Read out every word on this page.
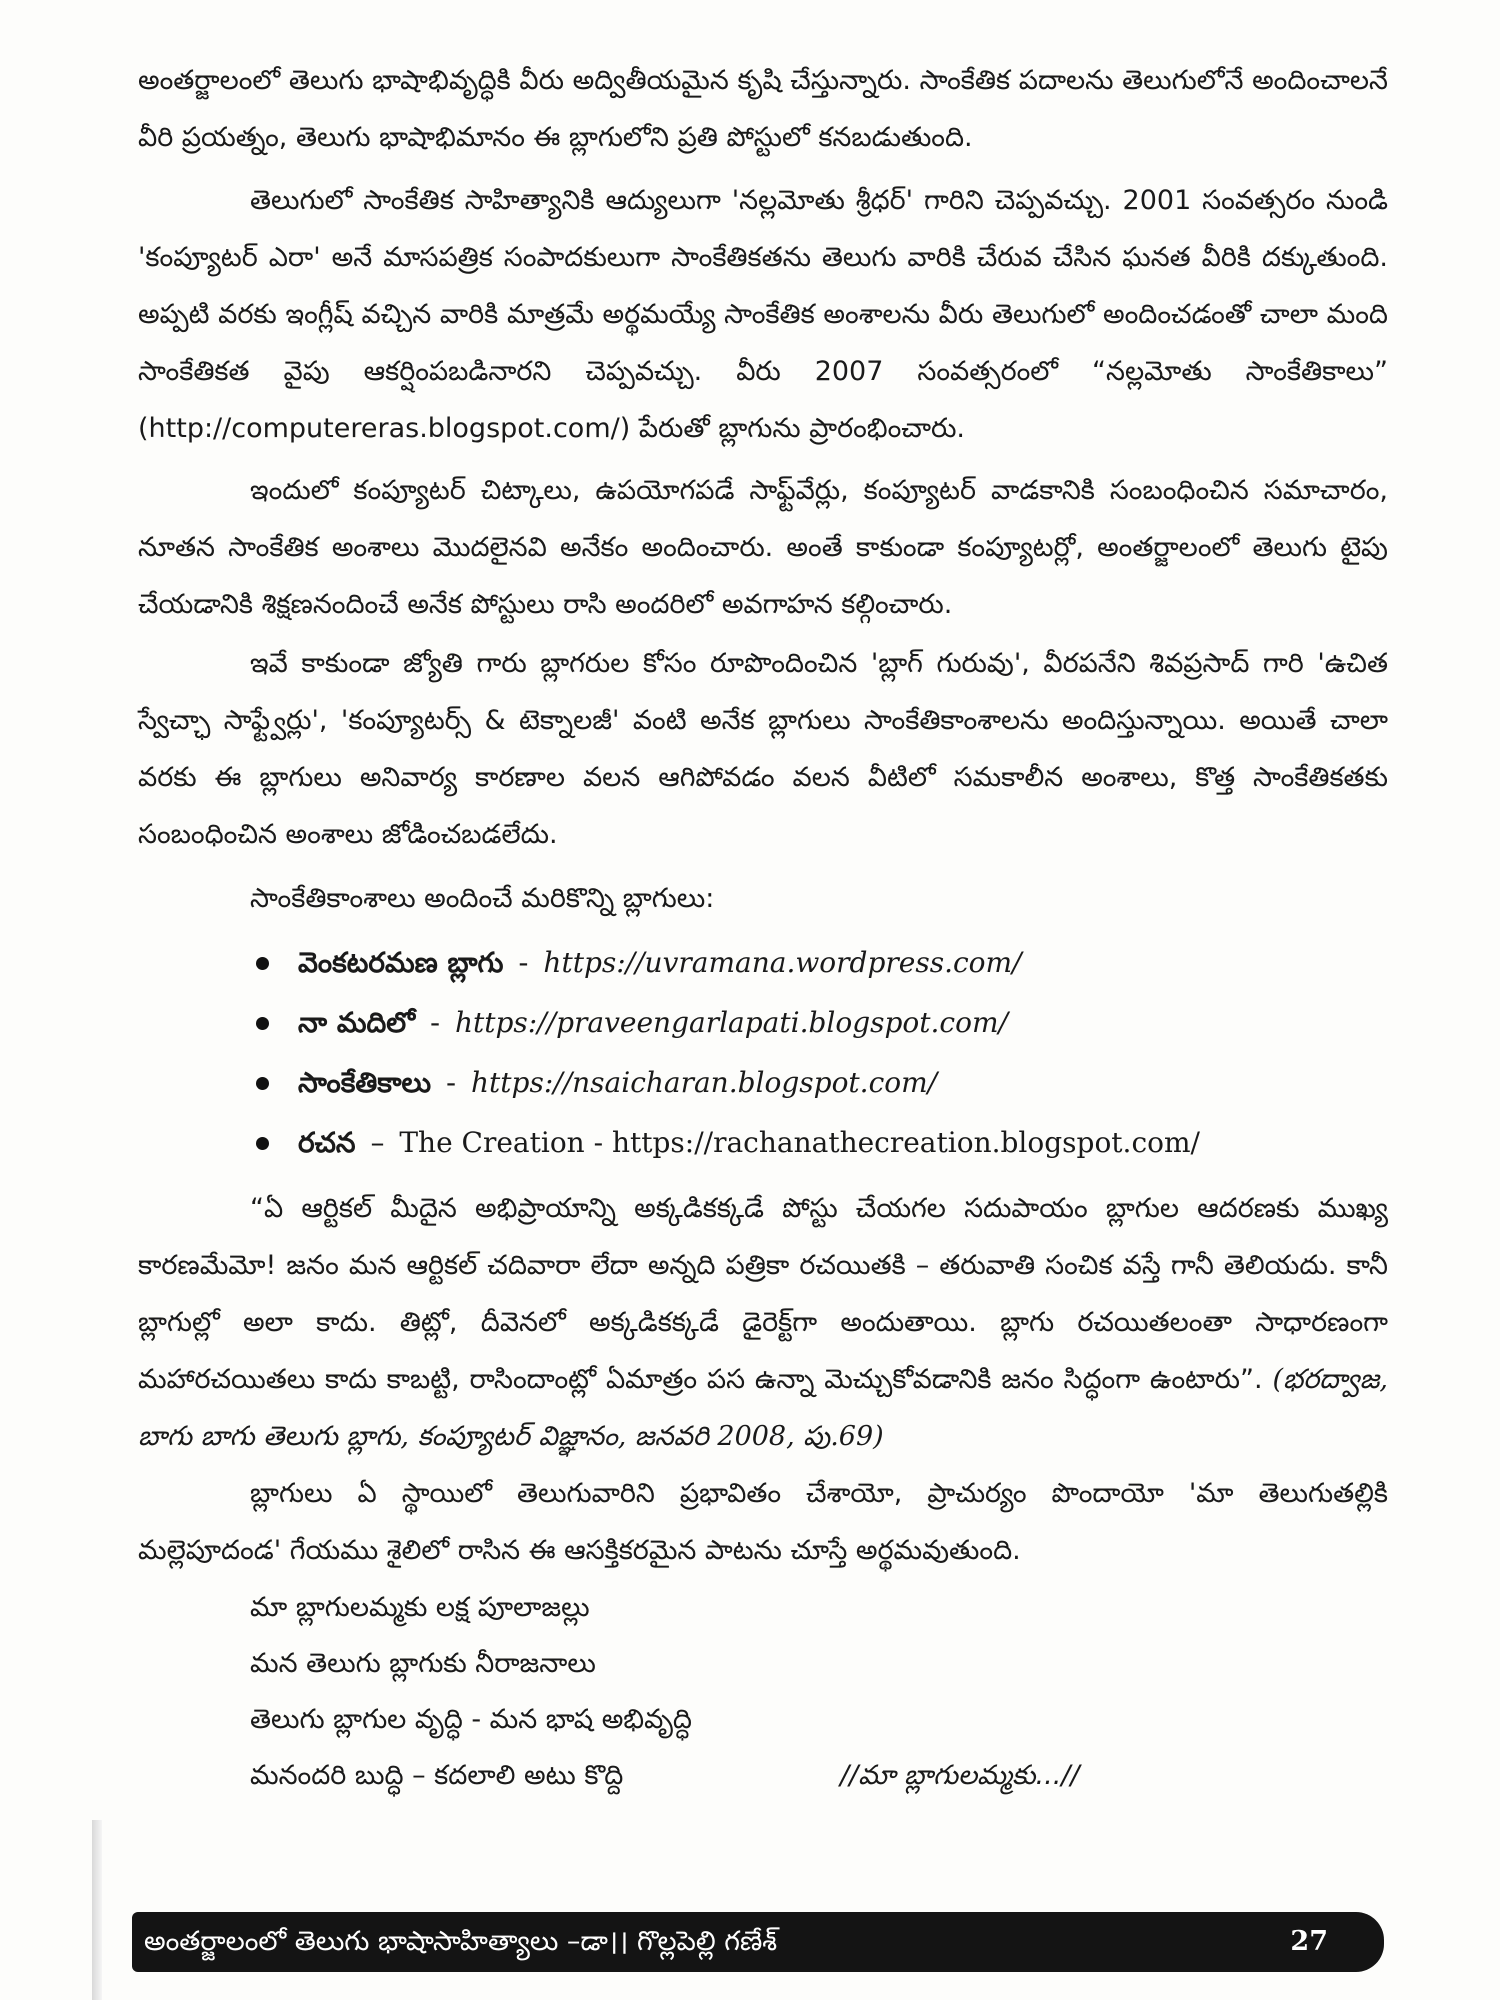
అంతర్జాలంలో తెలుగు భాషాభివృద్ధికి వీరు అద్వితీయమైన కృషి చేస్తున్నారు. సాంకేతిక పదాలను తెలుగులోనే అందించాలనే వీరి ప్రయత్నం, తెలుగు భాషాభిమానం ఈ బ్లాగులోని ప్రతి పోస్టులో కనబడుతుంది.

తెలుగులో సాంకేతిక సాహిత్యానికి ఆద్యులుగా 'నల్లమోతు శ్రీధర్' గారిని చెప్పవచ్చు. 2001 సంవత్సరం నుండి 'కంప్యూటర్ ఎరా' అనే మాసపత్రిక సంపాదకులుగా సాంకేతికతను తెలుగు వారికి చేరువ చేసిన ఘనత వీరికి దక్కుతుంది. అప్పటి వరకు ఇంగ్లీష్ వచ్చిన వారికి మాత్రమే అర్థమయ్యే సాంకేతిక అంశాలను వీరు తెలుగులో అందించడంతో చాలా మంది సాంకేతికత వైపు ఆకర్షింపబడినారని చెప్పవచ్చు. వీరు 2007 సంవత్సరంలో “నల్లమోతు సాంకేతికాలు” (http://computereras.blogspot.com/) పేరుతో బ్లాగును ప్రారంభించారు.

ఇందులో కంప్యూటర్ చిట్కాలు, ఉపయోగపడే సాఫ్ట్‌వేర్లు, కంప్యూటర్ వాడకానికి సంబంధించిన సమాచారం, నూతన సాంకేతిక అంశాలు మొదలైనవి అనేకం అందించారు. అంతే కాకుండా కంప్యూటర్లో, అంతర్జాలంలో తెలుగు టైపు చేయడానికి శిక్షణనందించే అనేక పోస్టులు రాసి అందరిలో అవగాహన కల్గించారు.

ఇవే కాకుండా జ్యోతి గారు బ్లాగరుల కోసం రూపొందించిన 'బ్లాగ్ గురువు', వీరపనేని శివప్రసాద్ గారి 'ఉచిత స్వేచ్ఛా సాఫ్ట్వేర్లు', 'కంప్యూటర్స్ & టెక్నాలజీ' వంటి అనేక బ్లాగులు సాంకేతికాంశాలను అందిస్తున్నాయి. అయితే చాలా వరకు ఈ బ్లాగులు అనివార్య కారణాల వలన ఆగిపోవడం వలన వీటిలో సమకాలీన అంశాలు, కొత్త సాంకేతికతకు సంబంధించిన అంశాలు జోడించబడలేదు.

సాంకేతికాంశాలు అందించే మరికొన్ని బ్లాగులు:

వెంకటరమణ బ్లాగు - https://uvramana.wordpress.com/
నా మదిలో - https://praveengarlapati.blogspot.com/
సాంకేతికాలు - https://nsaicharan.blogspot.com/
రచన – The Creation - https://rachanathecreation.blogspot.com/

“ఏ ఆర్టికల్ మీదైన అభిప్రాయాన్ని అక్కడికక్కడే పోస్టు చేయగల సదుపాయం బ్లాగుల ఆదరణకు ముఖ్య కారణమేమో! జనం మన ఆర్టికల్ చదివారా లేదా అన్నది పత్రికా రచయితకి – తరువాతి సంచిక వస్తే గానీ తెలియదు. కానీ బ్లాగుల్లో అలా కాదు. తిట్లో, దీవెనలో అక్కడికక్కడే డైరెక్ట్‌గా అందుతాయి. బ్లాగు రచయితలంతా సాధారణంగా మహారచయితలు కాదు కాబట్టి, రాసిందాంట్లో ఏమాత్రం పస ఉన్నా మెచ్చుకోవడానికి జనం సిద్ధంగా ఉంటారు”. (భరద్వాజ, బాగు బాగు తెలుగు బ్లాగు, కంప్యూటర్ విజ్ఞానం, జనవరి 2008, పు.69)

బ్లాగులు ఏ స్థాయిలో తెలుగువారిని ప్రభావితం చేశాయో, ప్రాచుర్యం పొందాయో 'మా తెలుగుతల్లికి మల్లెపూదండ' గేయము శైలిలో రాసిన ఈ ఆసక్తికరమైన పాటను చూస్తే అర్థమవుతుంది.

మా బ్లాగులమ్మకు లక్ష పూలాజల్లు
మన తెలుగు బ్లాగుకు నీరాజనాలు
తెలుగు బ్లాగుల వృద్ధి - మన భాష అభివృద్ధి
మనందరి బుద్ధి – కదలాలి అటు కొద్ది	//మా బ్లాగులమ్మకు...//
అంతర్జాలంలో తెలుగు భాషాసాహిత్యాలు –డా।। గొల్లపెల్లి గణేశ్	27
